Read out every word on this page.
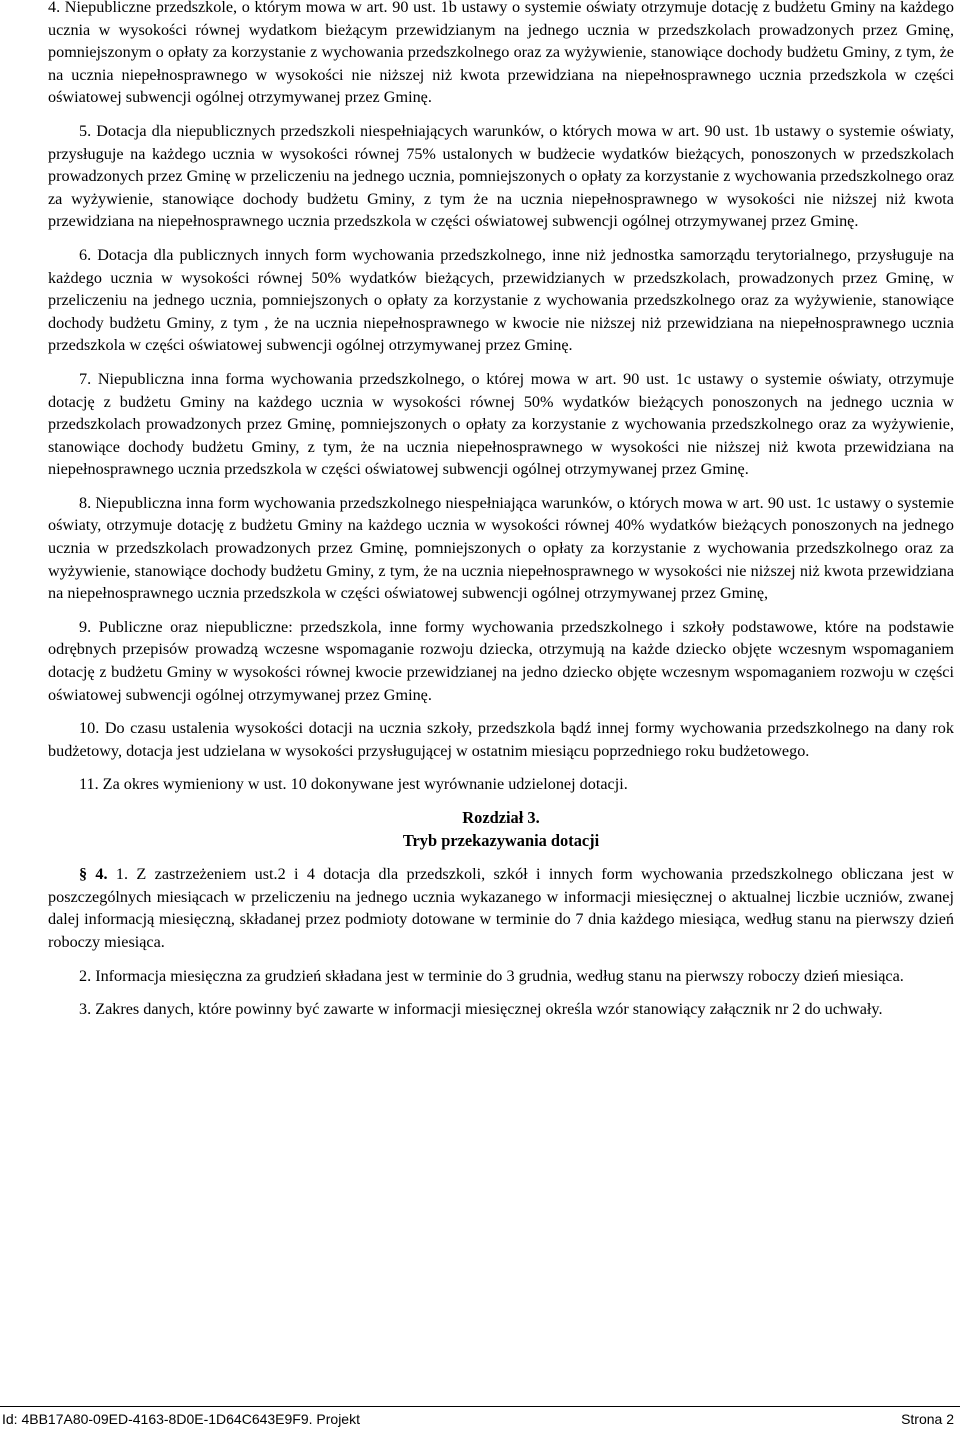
4. Niepubliczne przedszkole, o którym mowa w art. 90 ust. 1b ustawy o systemie oświaty otrzymuje dotację z budżetu Gminy na każdego ucznia w wysokości równej wydatkom bieżącym przewidzianym na jednego ucznia w przedszkolach prowadzonych przez Gminę, pomniejszonym o opłaty za korzystanie z wychowania przedszkolnego oraz za wyżywienie, stanowiące dochody budżetu Gminy, z tym, że na ucznia niepełnosprawnego w wysokości nie niższej niż kwota przewidziana na niepełnosprawnego ucznia przedszkola w części oświatowej subwencji ogólnej otrzymywanej przez Gminę.

5. Dotacja dla niepublicznych przedszkoli niespełniających warunków, o których mowa w art. 90 ust. 1b ustawy o systemie oświaty, przysługuje na każdego ucznia w wysokości równej 75% ustalonych w budżecie wydatków bieżących, ponoszonych w przedszkolach prowadzonych przez Gminę w przeliczeniu na jednego ucznia, pomniejszonych o opłaty za korzystanie z wychowania przedszkolnego oraz za wyżywienie, stanowiące dochody budżetu Gminy, z tym że na ucznia niepełnosprawnego w wysokości nie niższej niż kwota przewidziana na niepełnosprawnego ucznia przedszkola w części oświatowej subwencji ogólnej otrzymywanej przez Gminę.

6. Dotacja dla publicznych innych form wychowania przedszkolnego, inne niż jednostka samorządu terytorialnego, przysługuje na każdego ucznia w wysokości równej 50% wydatków bieżących, przewidzianych w przedszkolach, prowadzonych przez Gminę, w przeliczeniu na jednego ucznia, pomniejszonych o opłaty za korzystanie z wychowania przedszkolnego oraz za wyżywienie, stanowiące dochody budżetu Gminy, z tym , że na ucznia niepełnosprawnego w kwocie nie niższej niż przewidziana na niepełnosprawnego ucznia przedszkola w części oświatowej subwencji ogólnej otrzymywanej przez Gminę.

7. Niepubliczna inna forma wychowania przedszkolnego, o której mowa w art. 90 ust. 1c ustawy o systemie oświaty, otrzymuje dotację z budżetu Gminy na każdego ucznia w wysokości równej 50% wydatków bieżących ponoszonych na jednego ucznia w przedszkolach prowadzonych przez Gminę, pomniejszonych o opłaty za korzystanie z wychowania przedszkolnego oraz za wyżywienie, stanowiące dochody budżetu Gminy, z tym, że na ucznia niepełnosprawnego w wysokości nie niższej niż kwota przewidziana na niepełnosprawnego ucznia przedszkola w części oświatowej subwencji ogólnej otrzymywanej przez Gminę.

8. Niepubliczna inna form wychowania przedszkolnego niespełniająca warunków, o których mowa w art. 90 ust. 1c ustawy o systemie oświaty, otrzymuje dotację z budżetu Gminy na każdego ucznia w wysokości równej 40% wydatków bieżących ponoszonych na jednego ucznia w przedszkolach prowadzonych przez Gminę, pomniejszonych o opłaty za korzystanie z wychowania przedszkolnego oraz za wyżywienie, stanowiące dochody budżetu Gminy, z tym, że na ucznia niepełnosprawnego w wysokości nie niższej niż kwota przewidziana na niepełnosprawnego ucznia przedszkola w części oświatowej subwencji ogólnej otrzymywanej przez Gminę,

9. Publiczne oraz niepubliczne: przedszkola, inne formy wychowania przedszkolnego i szkoły podstawowe, które na podstawie odrębnych przepisów prowadzą wczesne wspomaganie rozwoju dziecka, otrzymują na każde dziecko objęte wczesnym wspomaganiem dotację z budżetu Gminy w wysokości równej kwocie przewidzianej na jedno dziecko objęte wczesnym wspomaganiem rozwoju w części oświatowej subwencji ogólnej otrzymywanej przez Gminę.

10. Do czasu ustalenia wysokości dotacji na ucznia szkoły, przedszkola bądź innej formy wychowania przedszkolnego na dany rok budżetowy, dotacja jest udzielana w wysokości przysługującej w ostatnim miesiącu poprzedniego roku budżetowego.

11. Za okres wymieniony w ust. 10 dokonywane jest wyrównanie udzielonej dotacji.

Rozdział 3.

Tryb przekazywania dotacji

§ 4. 1. Z zastrzeżeniem ust.2 i 4 dotacja dla przedszkoli, szkół i innych form wychowania przedszkolnego obliczana jest w poszczególnych miesiącach w przeliczeniu na jednego ucznia wykazanego w informacji miesięcznej o aktualnej liczbie uczniów, zwanej dalej informacją miesięczną, składanej przez podmioty dotowane w terminie do 7 dnia każdego miesiąca, według stanu na pierwszy dzień roboczy miesiąca.

2. Informacja miesięczna za grudzień składana jest w terminie do 3 grudnia, według stanu na pierwszy roboczy dzień miesiąca.

3. Zakres danych, które powinny być zawarte w informacji miesięcznej określa wzór stanowiący załącznik nr 2 do uchwały.

Id: 4BB17A80-09ED-4163-8D0E-1D64C643E9F9. Projekt	Strona 2
